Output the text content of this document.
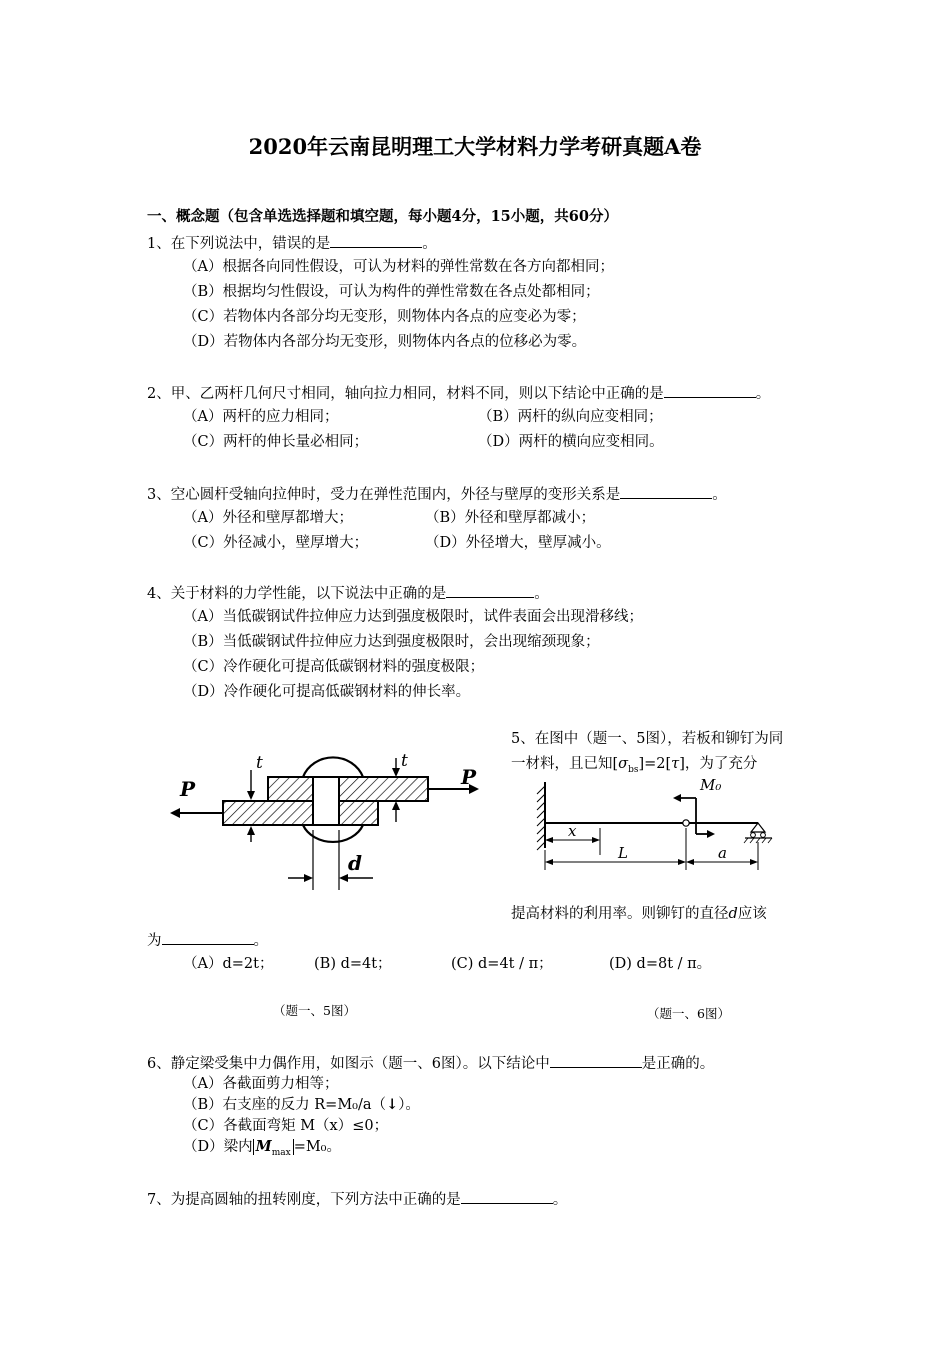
2020年云南昆明理工大学材料力学考研真题A卷
一、概念题（包含单选选择题和填空题，每小题4分，15小题，共60分）
1、在下列说法中，错误的是	。
（A）根据各向同性假设，可认为材料的弹性常数在各方向都相同；
（B）根据均匀性假设，可认为构件的弹性常数在各点处都相同；
（C）若物体内各部分均无变形，则物体内各点的应变必为零；
（D）若物体内各部分均无变形，则物体内各点的位移必为零。
2、甲、乙两杆几何尺寸相同，轴向拉力相同，材料不同，则以下结论中正确的是	。
（A）两杆的应力相同；	（B）两杆的纵向应变相同；
（C）两杆的伸长量必相同；	（D）两杆的横向应变相同。
3、空心圆杆受轴向拉伸时，受力在弹性范围内，外径与壁厚的变形关系是	。
（A）外径和壁厚都增大；	（B）外径和壁厚都减小；
（C）外径减小，壁厚增大；	（D）外径增大，壁厚减小。
4、关于材料的力学性能，以下说法中正确的是	。
（A）当低碳钢试件拉伸应力达到强度极限时，试件表面会出现滑移线；
（B）当低碳钢试件拉伸应力达到强度极限时，会出现缩颈现象；
（C）冷作硬化可提高低碳钢材料的强度极限；
（D）冷作硬化可提高低碳钢材料的伸长率。
5、在图中（题一、5图），若板和铆钉为同
一材料，且已知$[\sigma_{bs}]=2[\tau]$，为了充分
提高材料的利用率。则铆钉的直径d应该
为	。
（A）d=2t；	(B) d=4t；	(C) d=4t / π；	(D) d=8t / π。
（题一、5图）	（题一、6图）
P	P
t	t
d
M₀
x
L	a
6、静定梁受集中力偶作用，如图示（题一、6图）。以下结论中	是正确的。
（A）各截面剪力相等；
（B）右支座的反力 R=M₀/a（↓）。
（C）各截面弯矩 M（x）≤0；
（D）梁内 $M_{max} =M_0$。
7、为提高圆轴的扭转刚度，下列方法中正确的是	。
